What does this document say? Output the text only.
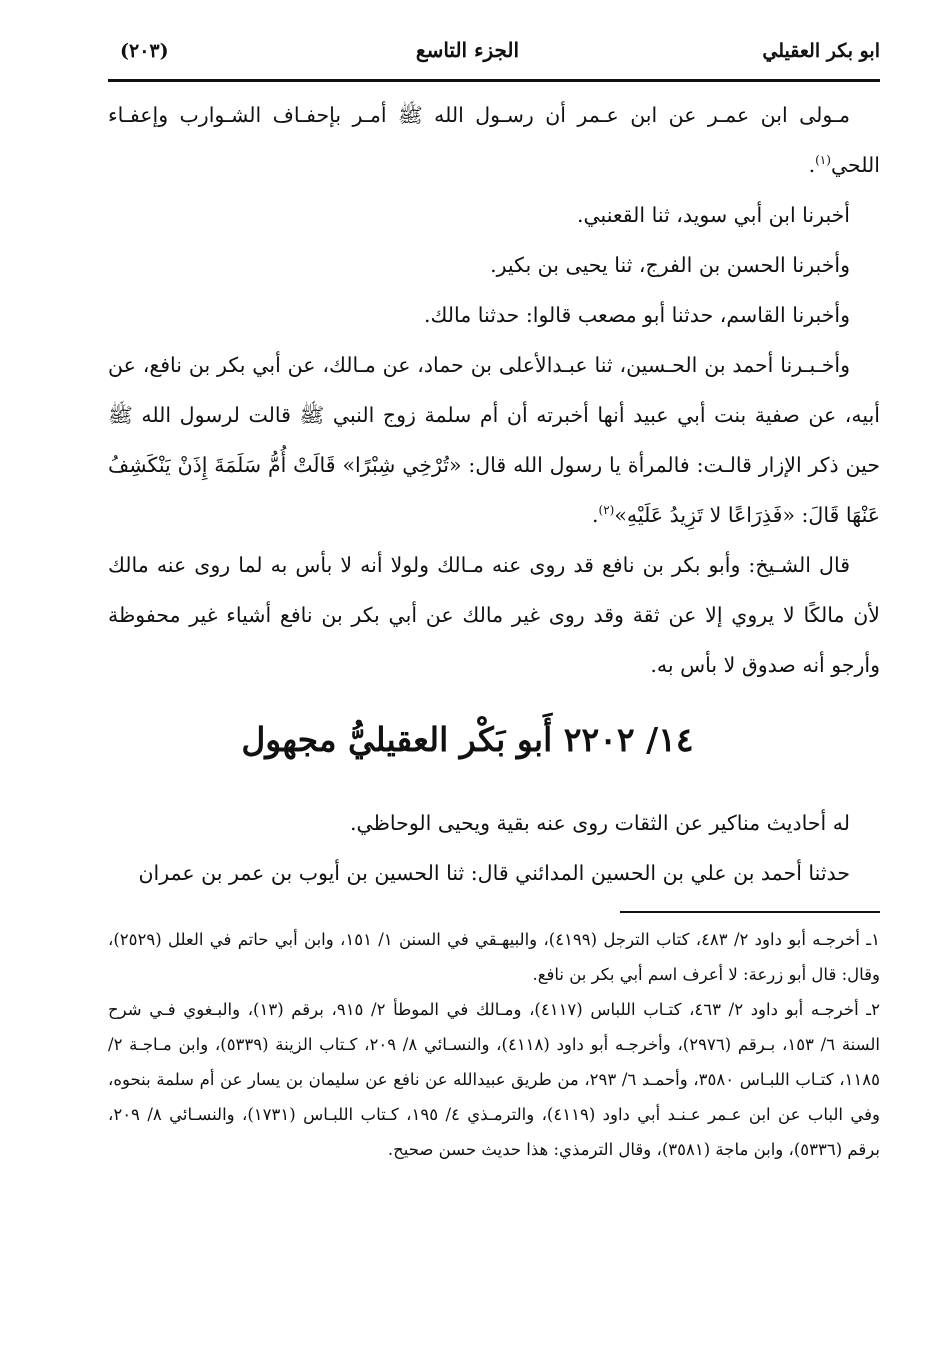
ابو بكر العقيلي
الجزء التاسع
(٢٠٣)

مـولى ابن عمـر عن ابن عـمر أن رسـول الله ﷺ أمـر بإحفـاف الشـوارب وإعفـاء اللحي$^{(١)}$.

أخبرنا ابن أبي سويد، ثنا القعنبي.

وأخبرنا الحسن بن الفرج، ثنا يحيى بن بكير.

وأخبرنا القاسم، حدثنا أبو مصعب قالوا: حدثنا مالك.

وأخـبـرنا أحمد بن الحـسين، ثنا عبـدالأعلى بن حماد، عن مـالك، عن أبي بكر بن نافع، عن أبيه، عن صفية بنت أبي عبيد أنها أخبرته أن أم سلمة زوج النبي ﷺ قالت لرسول الله ﷺ حين ذكر الإزار قالـت: فالمرأة يا رسول الله قال: «تُرْخِي شِبْرًا» قَالَتْ أُمُّ سَلَمَةَ إِذَنْ يَنْكَشِفُ عَنْهَا قَالَ: «فَذِرَاعًا لا تَزِيدُ عَلَيْهِ»$^{(٢)}$.

قال الشـيخ: وأبو بكر بن نافع قد روى عنه مـالك ولولا أنه لا بأس به لما روى عنه مالك لأن مالكًا لا يروي إلا عن ثقة وقد روى غير مالك عن أبي بكر بن نافع أشياء غير محفوظة وأرجو أنه صدوق لا بأس به.

١٤/ ٢٢٠٢ أَبو بَكْر العقيليُّ مجهول

له أحاديث مناكير عن الثقات روى عنه بقية ويحيى الوحاظي.

حدثنا أحمد بن علي بن الحسين المدائني قال: ثنا الحسين بن أيوب بن عمر بن عمران

١ـ أخرجـه أبو داود ٢/ ٤٨٣، كتاب الترجل (٤١٩٩)، والبيهـقي في السنن ١/ ١٥١، وابن أبي حاتم في العلل (٢٥٢٩)، وقال: قال أبو زرعة: لا أعرف اسم أبي بكر بن نافع.

٢ـ أخرجـه أبو داود ٢/ ٤٦٣، كتـاب اللباس (٤١١٧)، ومـالك في الموطأ ٢/ ٩١٥، برقم (١٣)، والبـغوي فـي شرح السنة ٦/ ١٥٣، بـرقم (٢٩٧٦)، وأخرجـه أبو داود (٤١١٨)، والنسـائي ٨/ ٢٠٩، كـتاب الزينة (٥٣٣٩)، وابن مـاجـة ٢/ ١١٨٥، كتـاب اللبـاس ٣٥٨٠، وأحمـد ٦/ ٢٩٣، من طريق عبيدالله عن نافع عن سليمان بن يسار عن أم سلمة بنحوه، وفي الباب عن ابن عـمر عـنـد أبي داود (٤١١٩)، والترمـذي ٤/ ١٩٥، كـتاب اللبـاس (١٧٣١)، والنسـائي ٨/ ٢٠٩، برقم (٥٣٣٦)، وابن ماجة (٣٥٨١)، وقال الترمذي: هذا حديث حسن صحيح.
